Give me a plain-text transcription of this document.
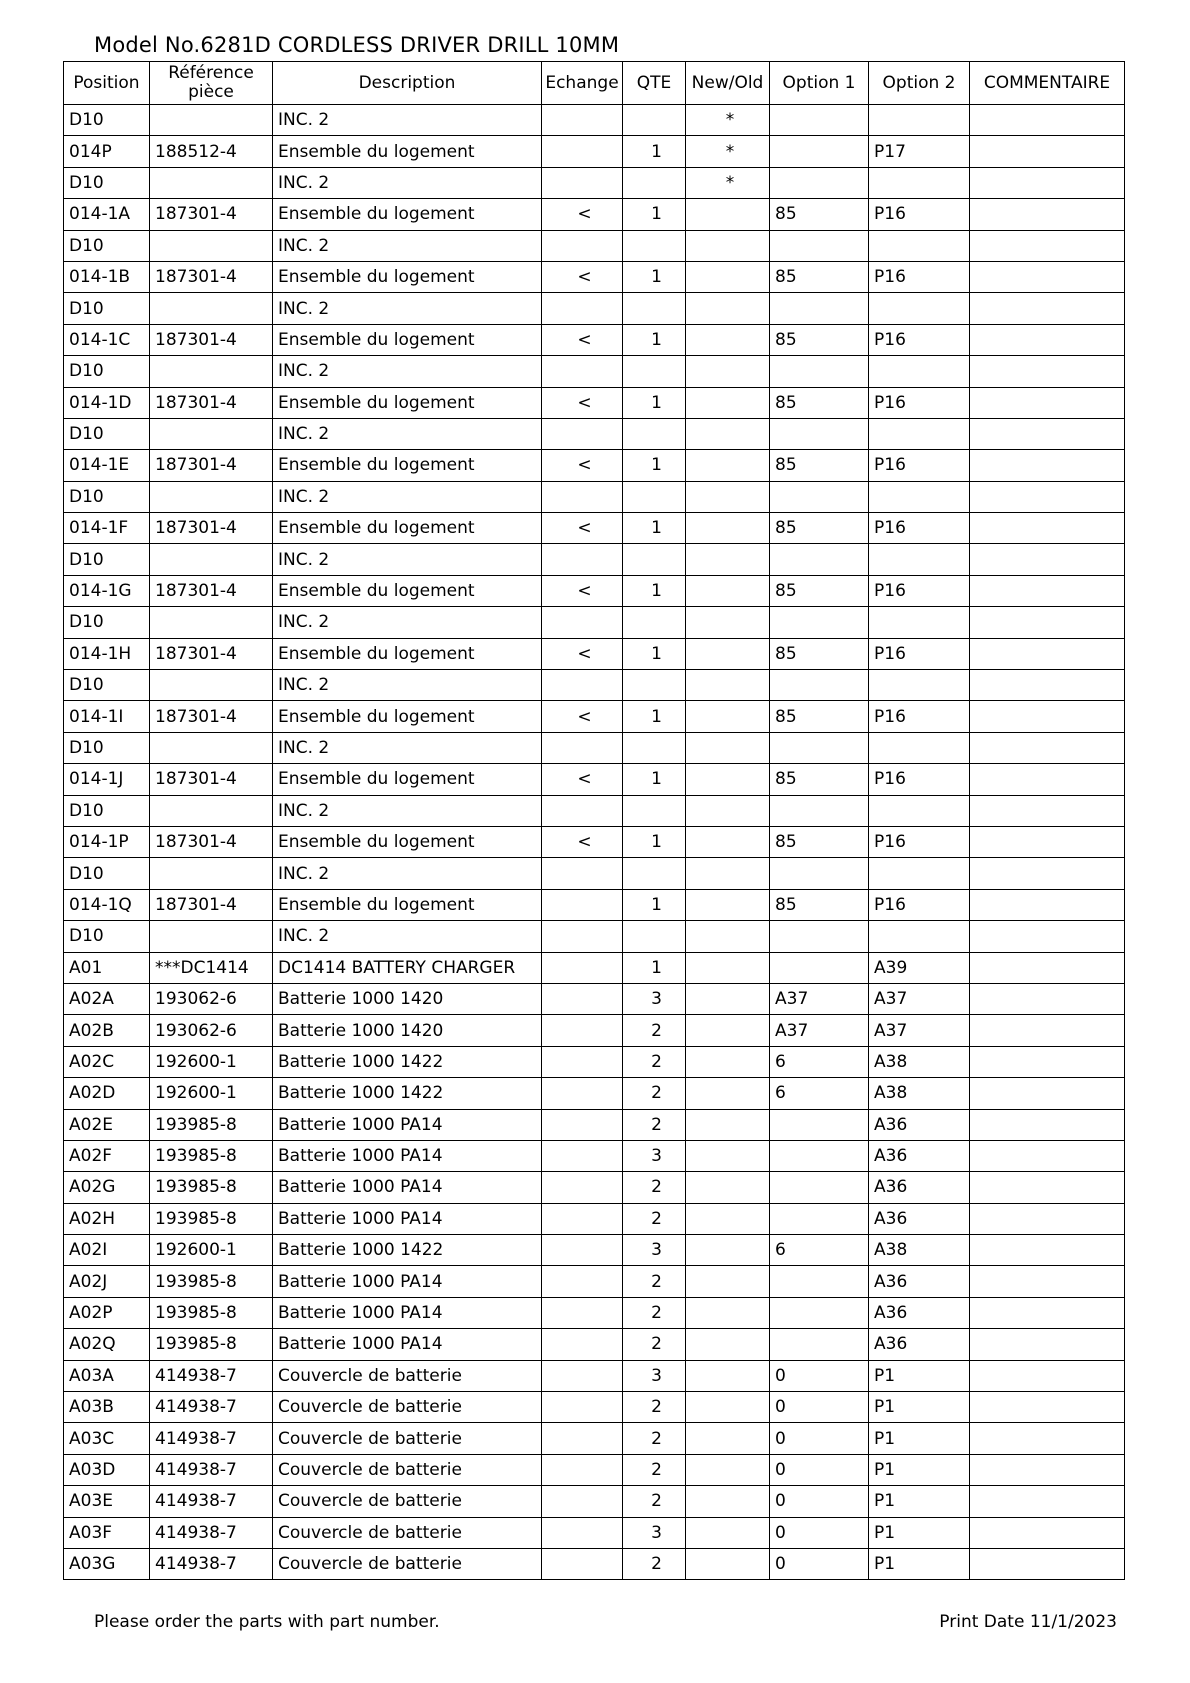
Model No.6281D CORDLESS DRIVER DRILL 10MM
Position	Référence pièce	Description	Echange	QTE	New/Old	Option 1	Option 2	COMMENTAIRE
D10		INC. 2			*			
014P	188512-4	Ensemble du logement		1	*		P17	
D10		INC. 2			*			
014-1A	187301-4	Ensemble du logement	<	1		85	P16	
D10		INC. 2						
014-1B	187301-4	Ensemble du logement	<	1		85	P16	
D10		INC. 2						
014-1C	187301-4	Ensemble du logement	<	1		85	P16	
D10		INC. 2						
014-1D	187301-4	Ensemble du logement	<	1		85	P16	
D10		INC. 2						
014-1E	187301-4	Ensemble du logement	<	1		85	P16	
D10		INC. 2						
014-1F	187301-4	Ensemble du logement	<	1		85	P16	
D10		INC. 2						
014-1G	187301-4	Ensemble du logement	<	1		85	P16	
D10		INC. 2						
014-1H	187301-4	Ensemble du logement	<	1		85	P16	
D10		INC. 2						
014-1I	187301-4	Ensemble du logement	<	1		85	P16	
D10		INC. 2						
014-1J	187301-4	Ensemble du logement	<	1		85	P16	
D10		INC. 2						
014-1P	187301-4	Ensemble du logement	<	1		85	P16	
D10		INC. 2						
014-1Q	187301-4	Ensemble du logement		1		85	P16	
D10		INC. 2						
A01	***DC1414	DC1414 BATTERY CHARGER		1			A39	
A02A	193062-6	Batterie 1000 1420		3		A37	A37	
A02B	193062-6	Batterie 1000 1420		2		A37	A37	
A02C	192600-1	Batterie 1000 1422		2		6	A38	
A02D	192600-1	Batterie 1000 1422		2		6	A38	
A02E	193985-8	Batterie 1000 PA14		2			A36	
A02F	193985-8	Batterie 1000 PA14		3			A36	
A02G	193985-8	Batterie 1000 PA14		2			A36	
A02H	193985-8	Batterie 1000 PA14		2			A36	
A02I	192600-1	Batterie 1000 1422		3		6	A38	
A02J	193985-8	Batterie 1000 PA14		2			A36	
A02P	193985-8	Batterie 1000 PA14		2			A36	
A02Q	193985-8	Batterie 1000 PA14		2			A36	
A03A	414938-7	Couvercle de batterie		3		0	P1	
A03B	414938-7	Couvercle de batterie		2		0	P1	
A03C	414938-7	Couvercle de batterie		2		0	P1	
A03D	414938-7	Couvercle de batterie		2		0	P1	
A03E	414938-7	Couvercle de batterie		2		0	P1	
A03F	414938-7	Couvercle de batterie		3		0	P1	
A03G	414938-7	Couvercle de batterie		2		0	P1	
Please order the parts with part number.	Print Date 11/1/2023
